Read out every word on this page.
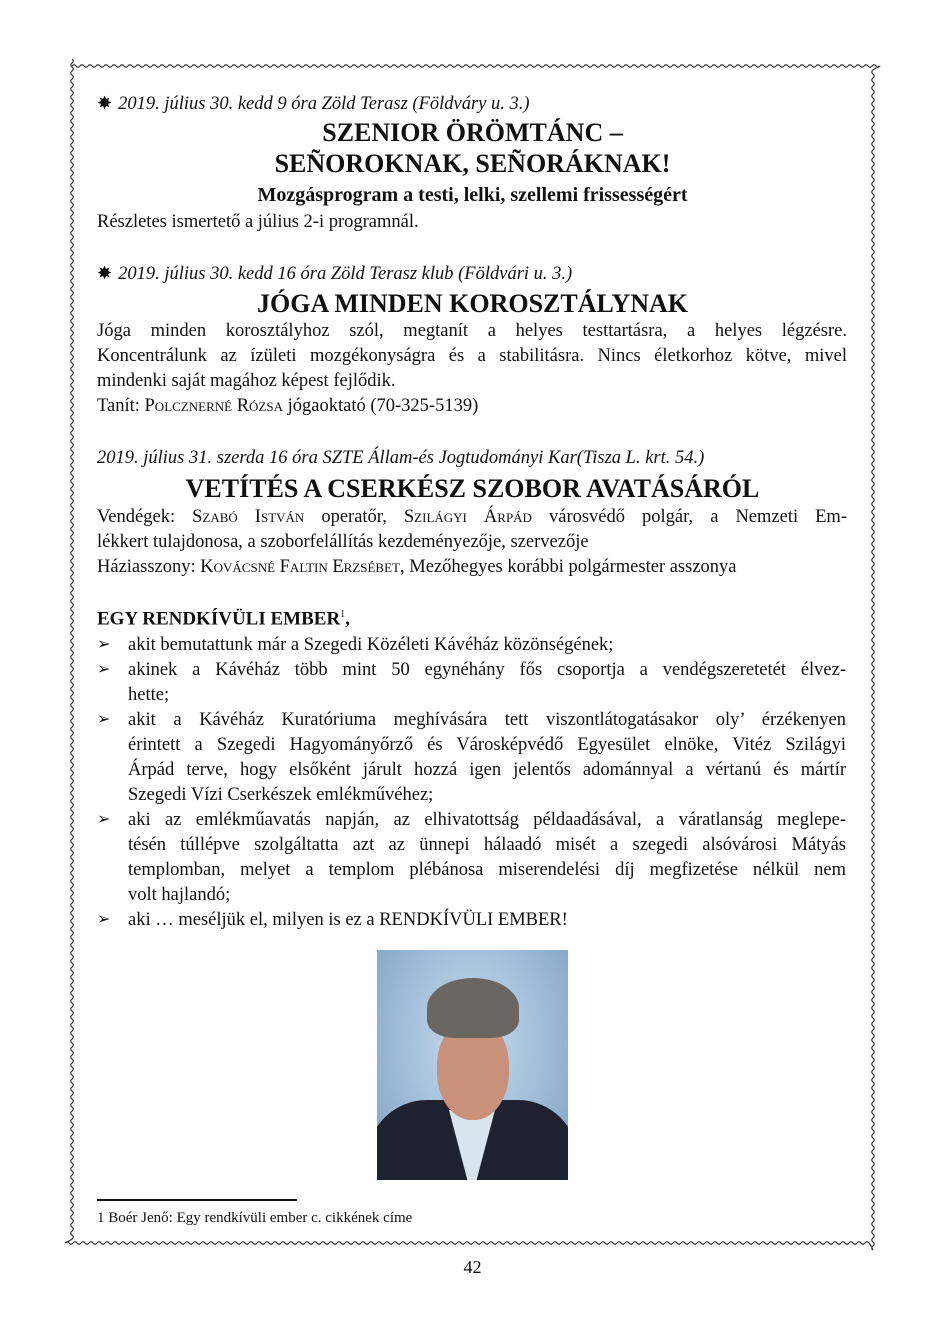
✸ 2019. július 30. kedd 9 óra Zöld Terasz (Földváry u. 3.)
SZENIOR ÖRÖMTÁNC –
SEÑOROKNAK, SEÑORÁKNAK!
Mozgásprogram a testi, lelki, szellemi frissességért
Részletes ismertető a július 2-i programnál.
✸ 2019. július 30. kedd 16 óra Zöld Terasz klub (Földvári u. 3.)
JÓGA MINDEN KOROSZTÁLYNAK
Jóga minden korosztályhoz szól, megtanít a helyes testtartásra, a helyes légzésre.
Koncentrálunk az ízületi mozgékonyságra és a stabilitásra. Nincs életkorhoz kötve, mivel
mindenki saját magához képest fejlődik.
Tanít: Polcznerné Rózsa jógaoktató (70-325-5139)
2019. július 31. szerda 16 óra SZTE Állam-és Jogtudományi Kar(Tisza L. krt. 54.)
VETÍTÉS A CSERKÉSZ SZOBOR AVATÁSÁRÓL
Vendégek: Szabó István operatőr, Szilágyi Árpád városvédő polgár, a Nemzeti Em-
lékkert tulajdonosa, a szoborfelállítás kezdeményezője, szervezője
Háziasszony: Kovácsné Faltin Erzsébet, Mezőhegyes korábbi polgármester asszonya
EGY RENDKÍVÜLI EMBER$^1$,
➢ akit bemutattunk már a Szegedi Közéleti Kávéház közönségének;
➢ akinek a Kávéház több mint 50 egynéhány fős csoportja a vendégszeretetét élvez-
hette;
➢ akit a Kávéház Kuratóriuma meghívására tett viszontlátogatásakor oly’ érzékenyen
érintett a Szegedi Hagyományőrző és Városképvédő Egyesület elnöke, Vitéz Szilágyi
Árpád terve, hogy elsőként járult hozzá igen jelentős adománnyal a vértanú és mártír
Szegedi Vízi Cserkészek emlékművéhez;
➢ aki az emlékműavatás napján, az elhivatottság példaadásával, a váratlanság meglepe-
tésén túllépve szolgáltatta azt az ünnepi hálaadó misét a szegedi alsóvárosi Mátyás
templomban, melyet a templom plébánosa miserendelési díj megfizetése nélkül nem
volt hajlandó;
➢ aki … meséljük el, milyen is ez a RENDKÍVÜLI EMBER!
1 Boér Jenő: Egy rendkívüli ember c. cikkének címe
42
